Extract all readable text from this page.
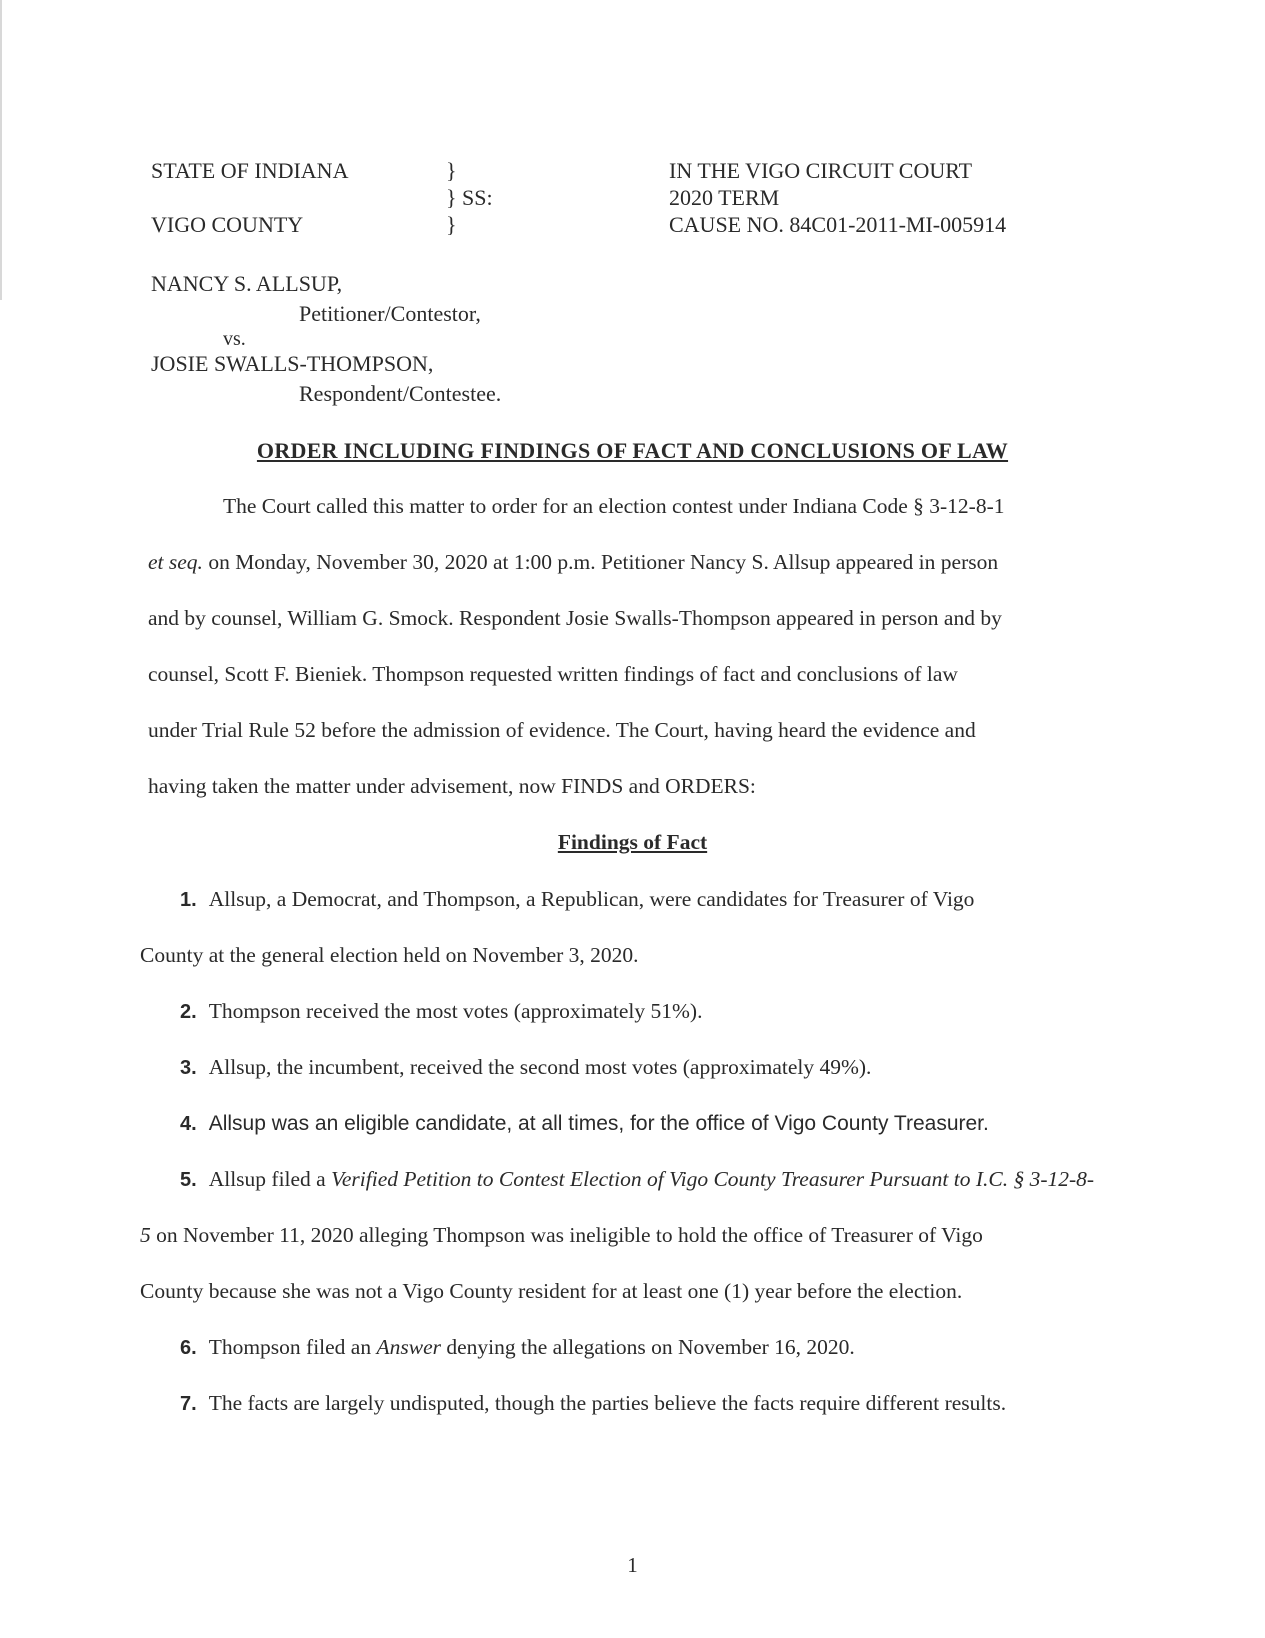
STATE OF INDIANA
VIGO COUNTY
}
} SS:
}
IN THE VIGO CIRCUIT COURT
2020 TERM
CAUSE NO. 84C01-2011-MI-005914
NANCY S. ALLSUP,
Petitioner/Contestor,
vs.
JOSIE SWALLS-THOMPSON,
Respondent/Contestee.
ORDER INCLUDING FINDINGS OF FACT AND CONCLUSIONS OF LAW
The Court called this matter to order for an election contest under Indiana Code § 3-12-8-1
et seq. on Monday, November 30, 2020 at 1:00 p.m. Petitioner Nancy S. Allsup appeared in person
and by counsel, William G. Smock. Respondent Josie Swalls-Thompson appeared in person and by
counsel, Scott F. Bieniek. Thompson requested written findings of fact and conclusions of law
under Trial Rule 52 before the admission of evidence. The Court, having heard the evidence and
having taken the matter under advisement, now FINDS and ORDERS:
Findings of Fact
1. Allsup, a Democrat, and Thompson, a Republican, were candidates for Treasurer of Vigo
County at the general election held on November 3, 2020.
2. Thompson received the most votes (approximately 51%).
3. Allsup, the incumbent, received the second most votes (approximately 49%).
4. Allsup was an eligible candidate, at all times, for the office of Vigo County Treasurer.
5. Allsup filed a Verified Petition to Contest Election of Vigo County Treasurer Pursuant to I.C. § 3-12-8-
5 on November 11, 2020 alleging Thompson was ineligible to hold the office of Treasurer of Vigo
County because she was not a Vigo County resident for at least one (1) year before the election.
6. Thompson filed an Answer denying the allegations on November 16, 2020.
7. The facts are largely undisputed, though the parties believe the facts require different results.
1
